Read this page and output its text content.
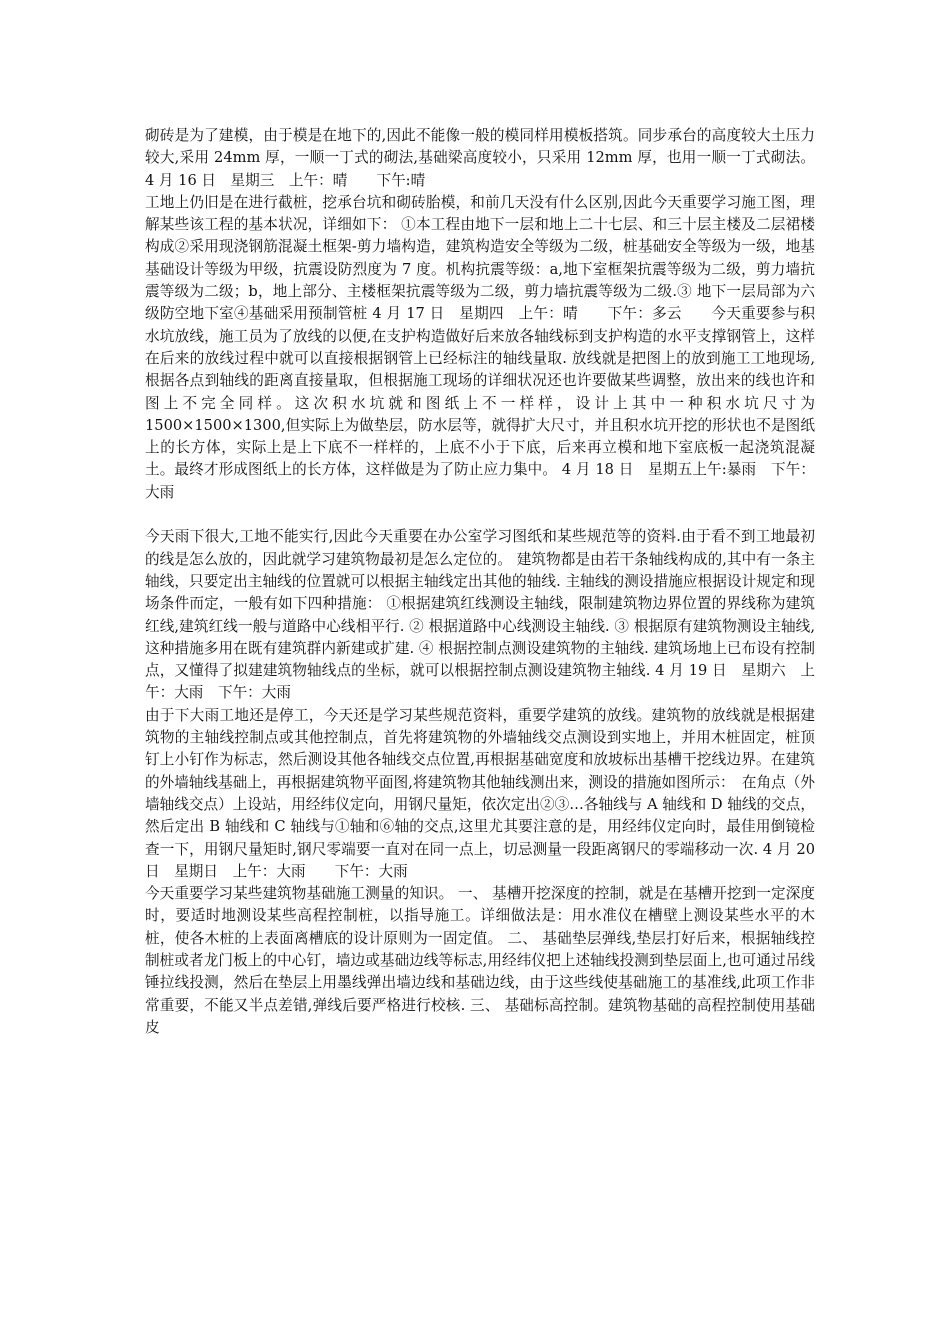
砌砖是为了建模，由于模是在地下的,因此不能像一般的模同样用模板搭筑。同步承台的高度较大土压力较大,采用 24mm 厚，一顺一丁式的砌法,基础梁高度较小，只采用 12mm 厚，也用一顺一丁式砌法。 4 月 16 日　星期三　上午：晴　　下午:晴

工地上仍旧是在进行截桩，挖承台坑和砌砖胎模，和前几天没有什么区别,因此今天重要学习施工图，理解某些该工程的基本状况，详细如下： ①本工程由地下一层和地上二十七层、和三十层主楼及二层裙楼构成②采用现浇钢筋混凝土框架-剪力墙构造，建筑构造安全等级为二级，桩基础安全等级为一级，地基基础设计等级为甲级，抗震设防烈度为 7 度。机构抗震等级：a,地下室框架抗震等级为二级，剪力墙抗震等级为二级；b，地上部分、主楼框架抗震等级为二级，剪力墙抗震等级为二级.③ 地下一层局部为六级防空地下室④基础采用预制管桩 4 月 17 日　星期四　上午：晴　　下午：多云　　今天重要参与积水坑放线，施工员为了放线的以便,在支护构造做好后来放各轴线标到支护构造的水平支撑钢管上，这样在后来的放线过程中就可以直接根据钢管上已经标注的轴线量取. 放线就是把图上的放到施工工地现场,根据各点到轴线的距离直接量取，但根据施工现场的详细状况还也许要做某些调整，放出来的线也许和图上不完全同样。这次积水坑就和图纸上不一样样，设计上其中一种积水坑尺寸为 1500×1500×1300,但实际上为做垫层，防水层等，就得扩大尺寸，并且积水坑开挖的形状也不是图纸上的长方体，实际上是上下底不一样样的，上底不小于下底，后来再立模和地下室底板一起浇筑混凝土。最终才形成图纸上的长方体，这样做是为了防止应力集中。 4 月 18 日　星期五上午:暴雨　下午：大雨

今天雨下很大,工地不能实行,因此今天重要在办公室学习图纸和某些规范等的资料.由于看不到工地最初的线是怎么放的，因此就学习建筑物最初是怎么定位的。 建筑物都是由若干条轴线构成的,其中有一条主轴线，只要定出主轴线的位置就可以根据主轴线定出其他的轴线. 主轴线的测设措施应根据设计规定和现场条件而定，一般有如下四种措施： ①根据建筑红线测设主轴线，限制建筑物边界位置的界线称为建筑红线,建筑红线一般与道路中心线相平行. ② 根据道路中心线测设主轴线. ③ 根据原有建筑物测设主轴线,这种措施多用在既有建筑群内新建或扩建. ④ 根据控制点测设建筑物的主轴线. 建筑场地上已布设有控制点，又懂得了拟建建筑物轴线点的坐标，就可以根据控制点测设建筑物主轴线. 4 月 19 日　星期六　上午：大雨　下午：大雨

由于下大雨工地还是停工，今天还是学习某些规范资料，重要学建筑的放线。建筑物的放线就是根据建筑物的主轴线控制点或其他控制点，首先将建筑物的外墙轴线交点测设到实地上，并用木桩固定，桩顶钉上小钉作为标志，然后测设其他各轴线交点位置,再根据基础宽度和放坡标出基槽干挖线边界。在建筑的外墙轴线基础上，再根据建筑物平面图,将建筑物其他轴线测出来，测设的措施如图所示：　在角点（外墙轴线交点）上设站，用经纬仪定向，用钢尺量矩，依次定出②③…各轴线与 A 轴线和 D 轴线的交点，然后定出 B 轴线和 C 轴线与①轴和⑥轴的交点,这里尤其要注意的是，用经纬仪定向时，最佳用倒镜检查一下，用钢尺量矩时,钢尺零端要一直对在同一点上，切忌测量一段距离钢尺的零端移动一次. 4 月 20 日　星期日　上午：大雨　　下午：大雨

今天重要学习某些建筑物基础施工测量的知识。 一、 基槽开挖深度的控制，就是在基槽开挖到一定深度时，要适时地测设某些高程控制桩，以指导施工。详细做法是：用水准仪在槽壁上测设某些水平的木桩，使各木桩的上表面离槽底的设计原则为一固定值。 二、 基础垫层弹线,垫层打好后来，根据轴线控制桩或者龙门板上的中心钉，墙边或基础边线等标志,用经纬仪把上述轴线投测到垫层面上,也可通过吊线锤拉线投测，然后在垫层上用墨线弹出墙边线和基础边线，由于这些线使基础施工的基准线,此项工作非常重要，不能又半点差错,弹线后要严格进行校核. 三、 基础标高控制。建筑物基础的高程控制使用基础皮
